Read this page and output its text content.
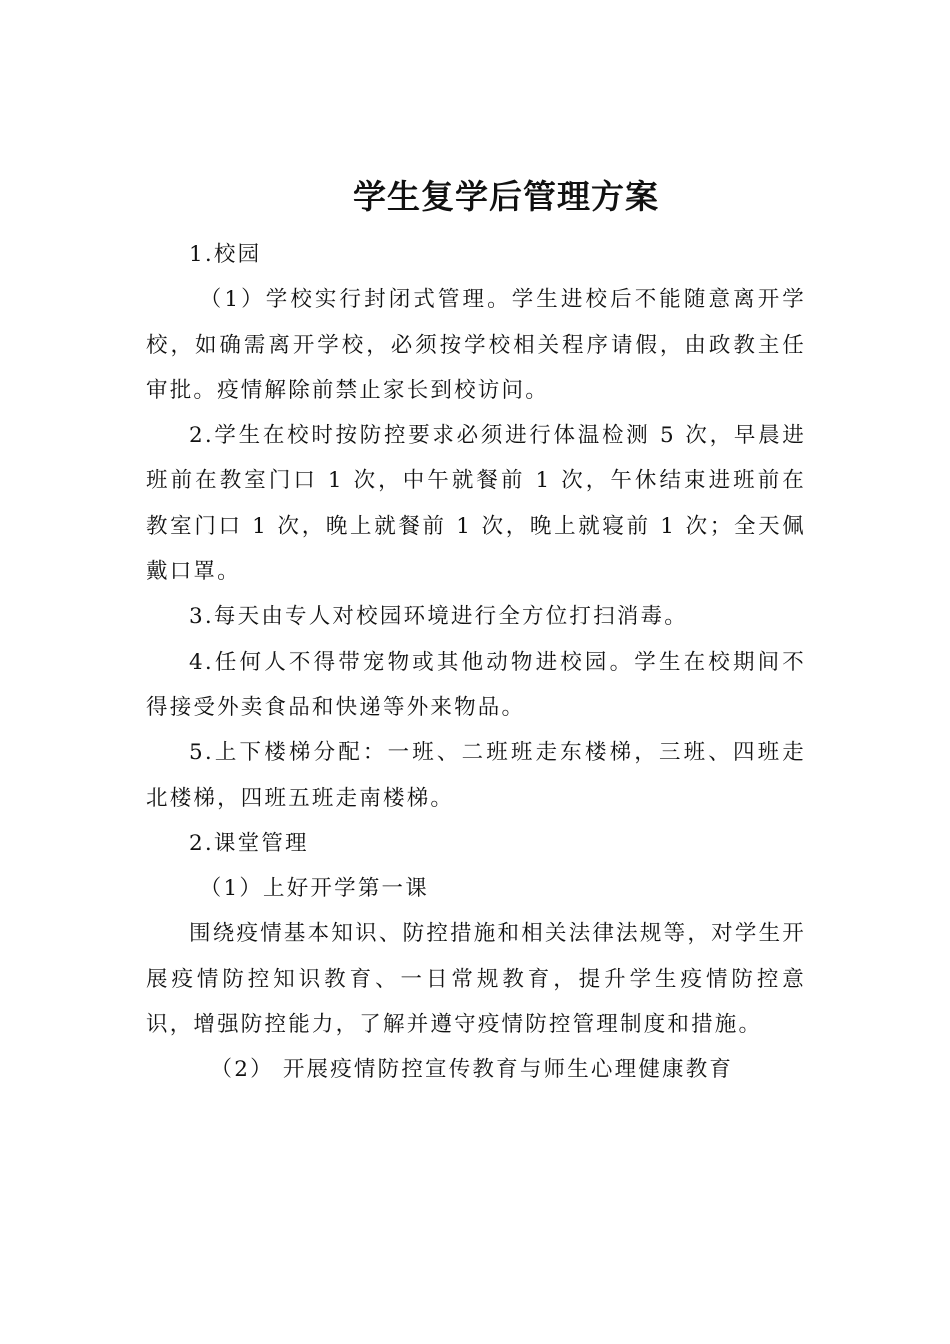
学生复学后管理方案

1.校园

（1）学校实行封闭式管理。学生进校后不能随意离开学校，如确需离开学校，必须按学校相关程序请假，由政教主任审批。疫情解除前禁止家长到校访问。

2.学生在校时按防控要求必须进行体温检测 5 次，早晨进班前在教室门口 1 次，中午就餐前 1 次，午休结束进班前在教室门口 1 次，晚上就餐前 1 次，晚上就寝前 1 次；全天佩戴口罩。

3.每天由专人对校园环境进行全方位打扫消毒。

4.任何人不得带宠物或其他动物进校园。学生在校期间不得接受外卖食品和快递等外来物品。

5.上下楼梯分配：一班、二班班走东楼梯，三班、四班走北楼梯，四班五班走南楼梯。

2.课堂管理

（1）上好开学第一课

围绕疫情基本知识、防控措施和相关法律法规等，对学生开展疫情防控知识教育、一日常规教育，提升学生疫情防控意识，增强防控能力，了解并遵守疫情防控管理制度和措施。

（2） 开展疫情防控宣传教育与师生心理健康教育
